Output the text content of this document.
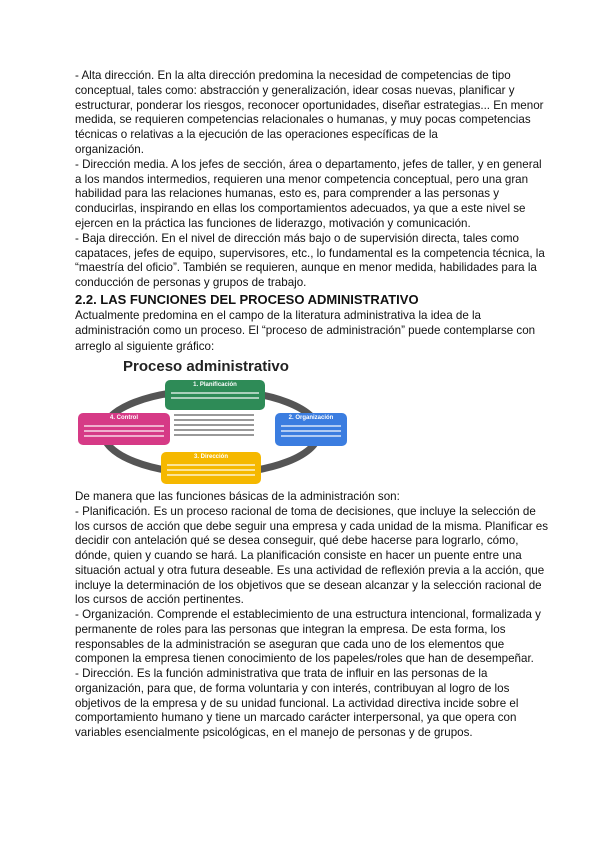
- Alta dirección. En la alta dirección predomina la necesidad de competencias de tipo
conceptual, tales como: abstracción y generalización, idear cosas nuevas, planificar y
estructurar, ponderar los riesgos, reconocer oportunidades, diseñar estrategias... En menor
medida, se requieren competencias relacionales o humanas, y muy pocas competencias
técnicas o relativas a la ejecución de las operaciones específicas de la
organización.
- Dirección media. A los jefes de sección, área o departamento, jefes de taller, y en general
a los mandos intermedios, requieren una menor competencia conceptual, pero una gran
habilidad para las relaciones humanas, esto es, para comprender a las personas y
conducirlas, inspirando en ellas los comportamientos adecuados, ya que a este nivel se
ejercen en la práctica las funciones de liderazgo, motivación y comunicación.
- Baja dirección. En el nivel de dirección más bajo o de supervisión directa, tales como
capataces, jefes de equipo, supervisores, etc., lo fundamental es la competencia técnica, la
“maestría del oficio”. También se requieren, aunque en menor medida, habilidades para la
conducción de personas y grupos de trabajo.
2.2. LAS FUNCIONES DEL PROCESO ADMINISTRATIVO
Actualmente predomina en el campo de la literatura administrativa la idea de la
administración como un proceso. El “proceso de administración” puede contemplarse con
arreglo al siguiente gráfico:
Proceso administrativo
1. Planificación
2. Organización
3. Dirección
4. Control
De manera que las funciones básicas de la administración son:
- Planificación. Es un proceso racional de toma de decisiones, que incluye la selección de
los cursos de acción que debe seguir una empresa y cada unidad de la misma. Planificar es
decidir con antelación qué se desea conseguir, qué debe hacerse para lograrlo, cómo,
dónde, quien y cuando se hará. La planificación consiste en hacer un puente entre una
situación actual y otra futura deseable. Es una actividad de reflexión previa a la acción, que
incluye la determinación de los objetivos que se desean alcanzar y la selección racional de
los cursos de acción pertinentes.
- Organización. Comprende el establecimiento de una estructura intencional, formalizada y
permanente de roles para las personas que integran la empresa. De esta forma, los
responsables de la administración se aseguran que cada uno de los elementos que
componen la empresa tienen conocimiento de los papeles/roles que han de desempeñar.
- Dirección. Es la función administrativa que trata de influir en las personas de la
organización, para que, de forma voluntaria y con interés, contribuyan al logro de los
objetivos de la empresa y de su unidad funcional. La actividad directiva incide sobre el
comportamiento humano y tiene un marcado carácter interpersonal, ya que opera con
variables esencialmente psicológicas, en el manejo de personas y de grupos.
